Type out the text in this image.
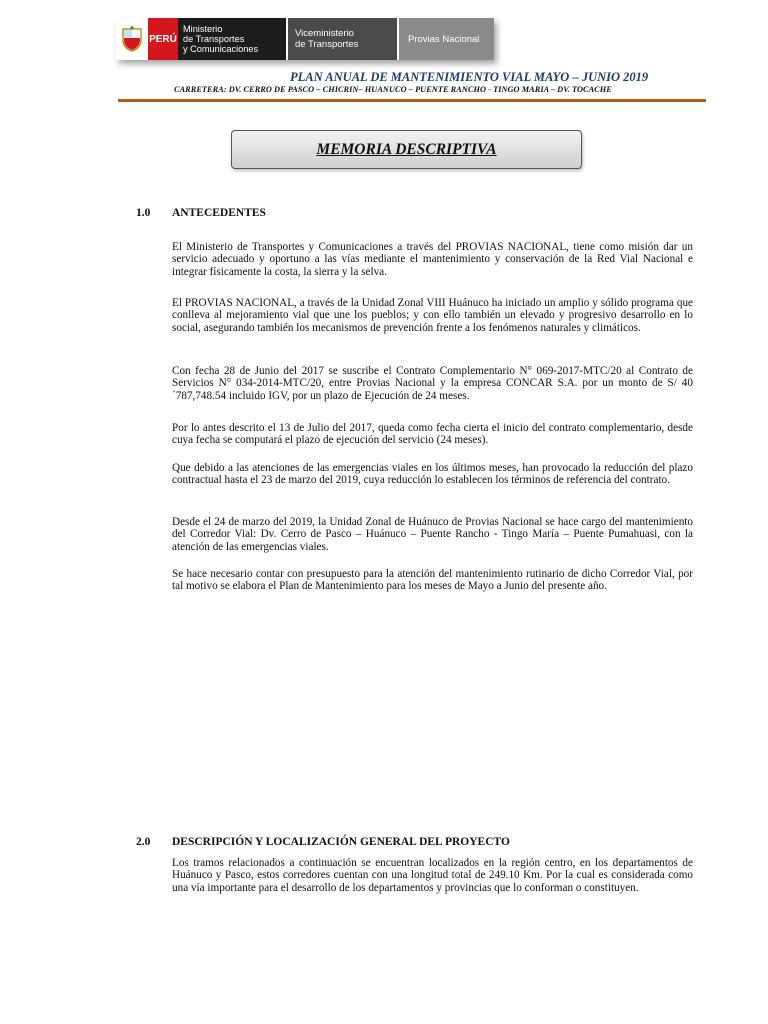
PERÚ
Ministerio
de Transportes
y Comunicaciones
Viceministerio
de Transportes	Provias Nacional
PLAN ANUAL DE MANTENIMIENTO VIAL MAYO – JUNIO 2019
CARRETERA: DV. CERRO DE PASCO – CHICRIN– HUANUCO – PUENTE RANCHO - TINGO MARIA – DV. TOCACHE
MEMORIA DESCRIPTIVA
1.0 ANTECEDENTES

El Ministerio de Transportes y Comunicaciones a través del PROVIAS NACIONAL, tiene como misión dar un servicio adecuado y oportuno a las vías mediante el mantenimiento y conservación de la Red Vial Nacional e integrar físicamente la costa, la sierra y la selva.

El PROVIAS NACIONAL, a través de la Unidad Zonal VIII Huánuco ha iniciado un amplio y sólido programa que conlleva al mejoramiento vial que une los pueblos; y con ello también un elevado y progresivo desarrollo en lo social, asegurando también los mecanismos de prevención frente a los fenómenos naturales y climáticos.

Con fecha 28 de Junio del 2017 se suscribe el Contrato Complementario N° 069-2017-MTC/20 al Contrato de Servicios N° 034-2014-MTC/20, entre Provias Nacional y la empresa CONCAR S.A. por un monto de S/ 40´787,748.54 incluido IGV, por un plazo de Ejecución de 24 meses.

Por lo antes descrito el 13 de Julio del 2017, queda como fecha cierta el inicio del contrato complementario, desde cuya fecha se computará el plazo de ejecución del servicio (24 meses).

Que debido a las atenciones de las emergencias viales en los últimos meses, han provocado la reducción del plazo contractual hasta el 23 de marzo del 2019, cuya reducción lo establecen los términos de referencia del contrato.

Desde el 24 de marzo del 2019, la Unidad Zonal de Huánuco de Provias Nacional se hace cargo del mantenimiento del Corredor Vial: Dv. Cerro de Pasco – Huánuco – Puente Rancho - Tingo María – Puente Pumahuasi, con la atención de las emergencias viales.

Se hace necesario contar con presupuesto para la atención del mantenimiento rutinario de dicho Corredor Vial, por tal motivo se elabora el Plan de Mantenimiento para los meses de Mayo a Junio del presente año.

2.0 DESCRIPCIÓN Y LOCALIZACIÓN GENERAL DEL PROYECTO

Los tramos relacionados a continuación se encuentran localizados en la región centro, en los departamentos de Huánuco y Pasco, estos corredores cuentan con una longitud total de 249.10 Km. Por la cual es considerada como una vía importante para el desarrollo de los departamentos y provincias que lo conforman o constituyen.
